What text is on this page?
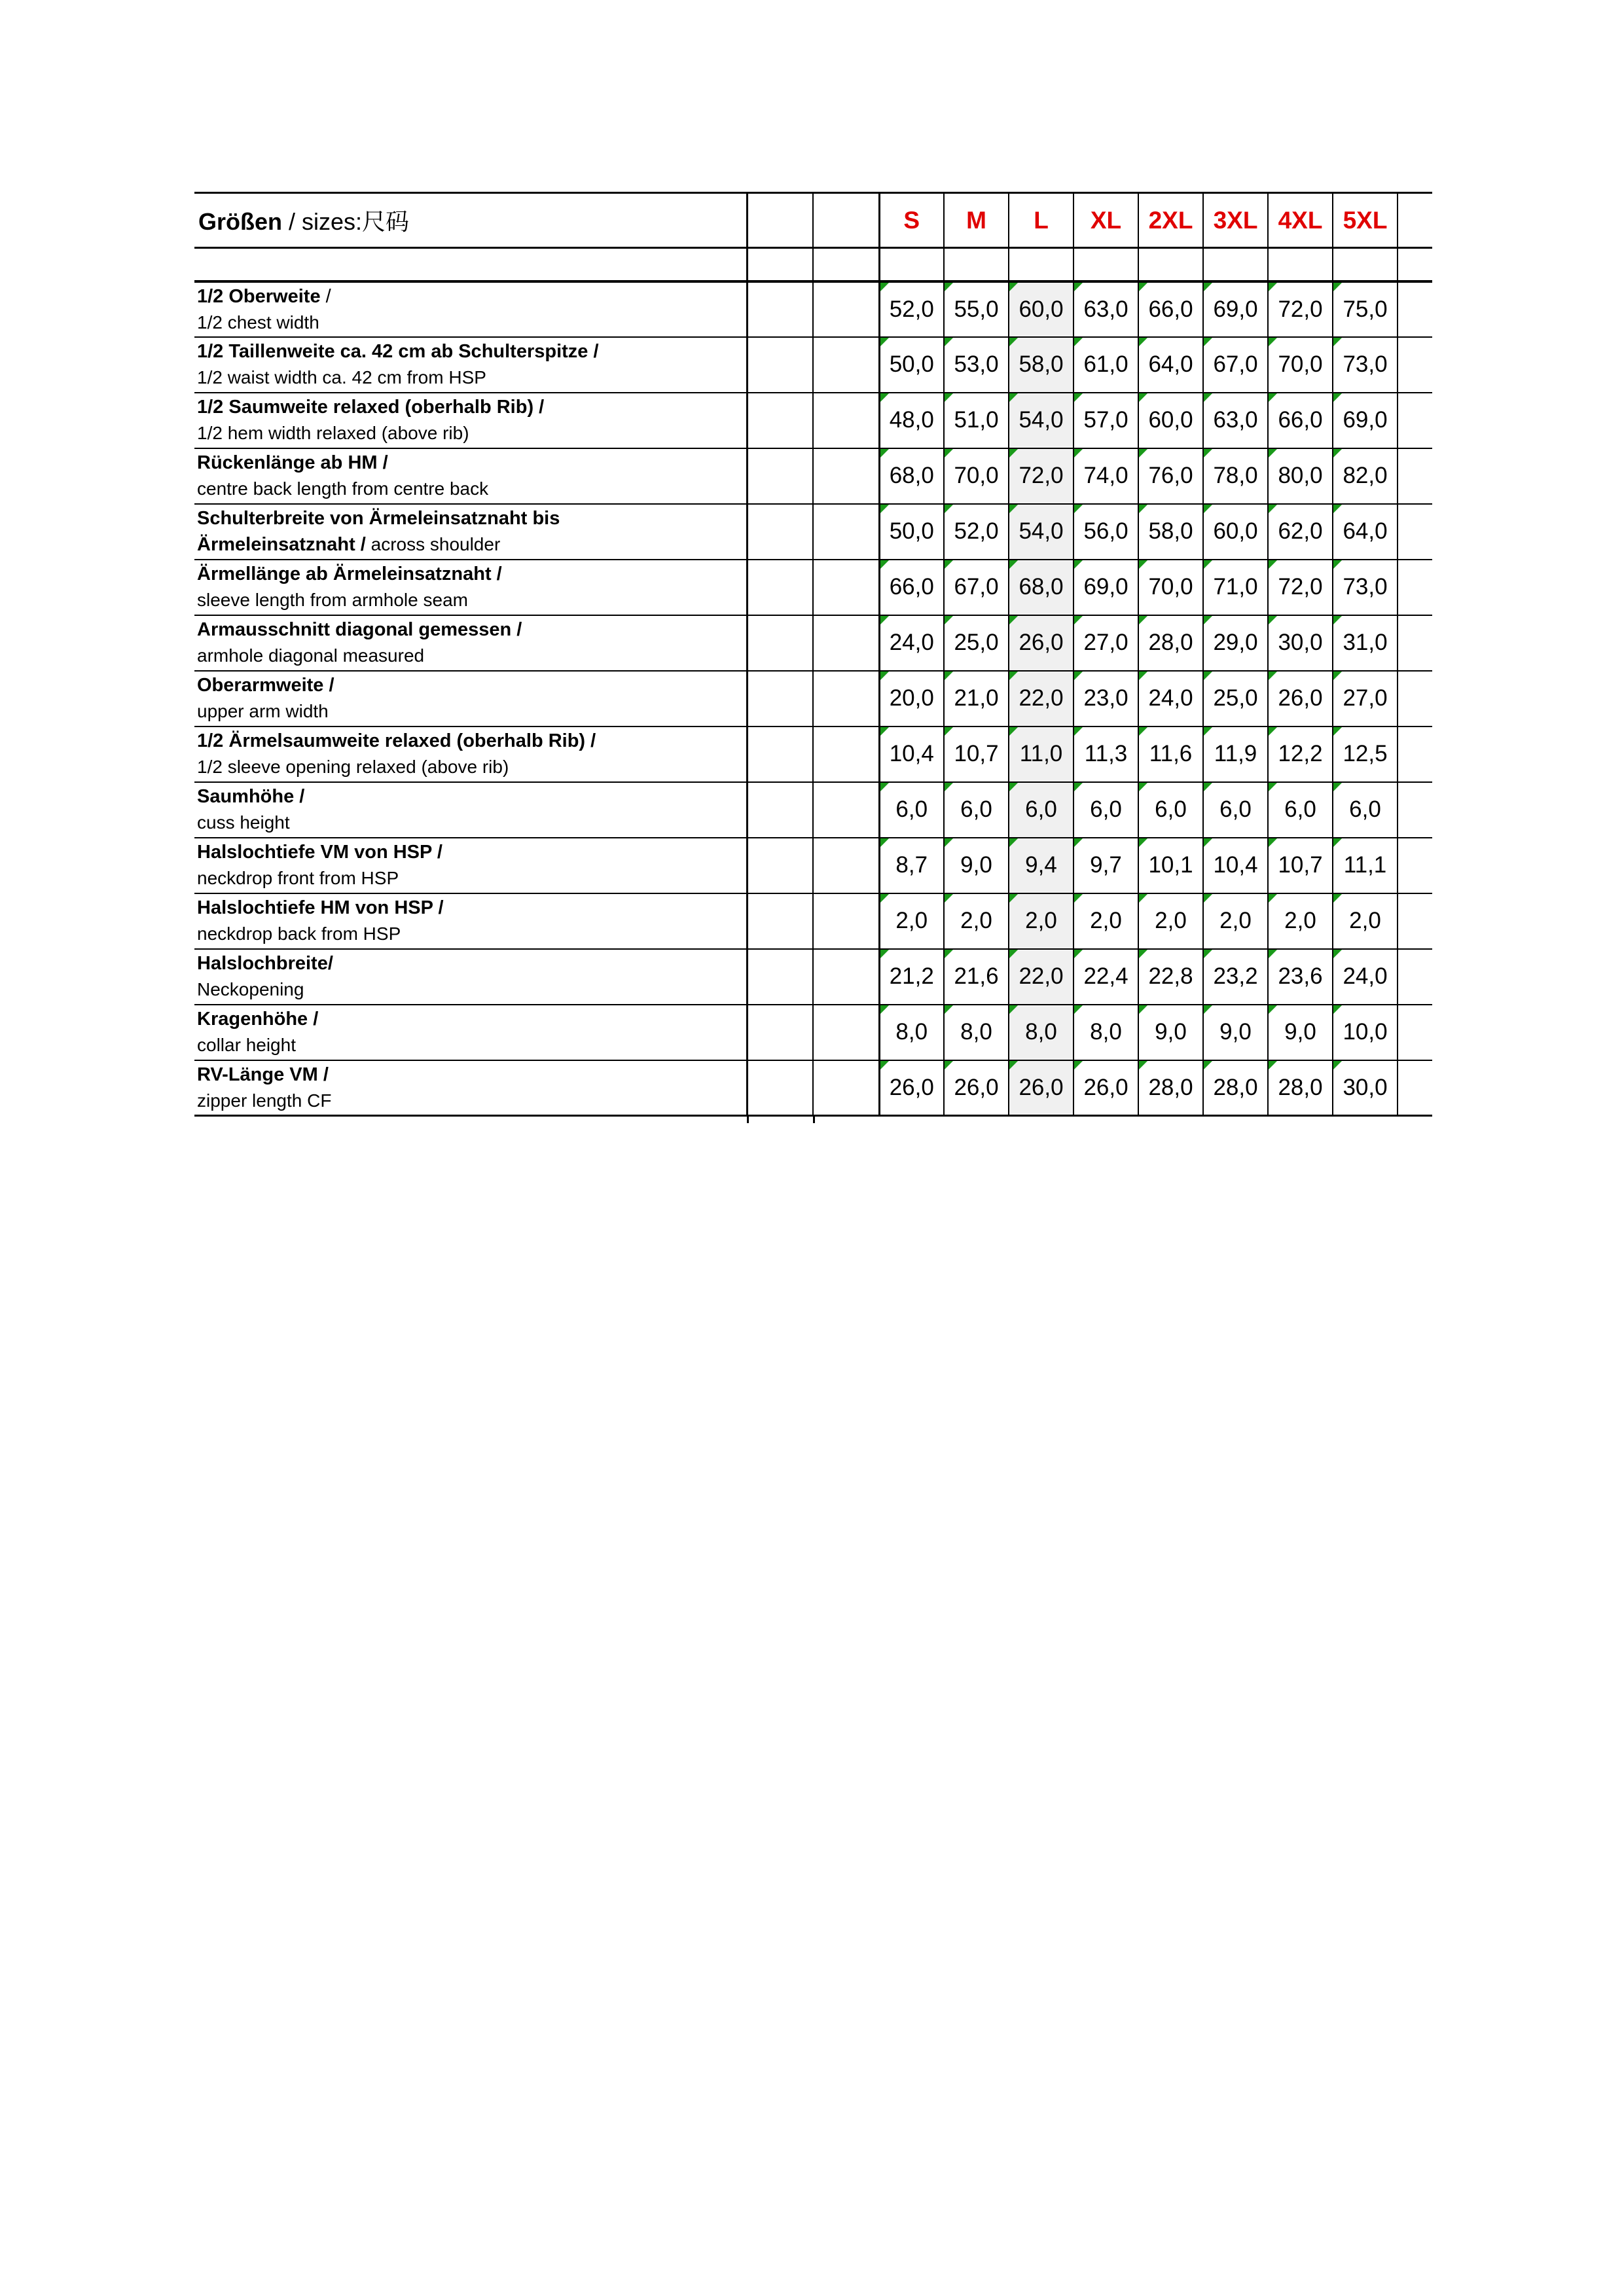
Größen / sizes:尺码			S	M	L	XL	2XL	3XL	4XL	5XL	

1/2 Oberweite /
1/2 chest width			52,0	55,0	60,0	63,0	66,0	69,0	72,0	75,0	

1/2 Taillenweite ca. 42 cm ab Schulterspitze /
1/2 waist width ca. 42 cm from HSP			50,0	53,0	58,0	61,0	64,0	67,0	70,0	73,0	

1/2 Saumweite relaxed (oberhalb Rib) /
1/2 hem width relaxed (above rib)			48,0	51,0	54,0	57,0	60,0	63,0	66,0	69,0	

Rückenlänge ab HM /
centre back length from centre back			68,0	70,0	72,0	74,0	76,0	78,0	80,0	82,0	

Schulterbreite von Ärmeleinsatznaht bis
Ärmeleinsatznaht / across shoulder			50,0	52,0	54,0	56,0	58,0	60,0	62,0	64,0	

Ärmellänge ab Ärmeleinsatznaht /
sleeve length from armhole seam			66,0	67,0	68,0	69,0	70,0	71,0	72,0	73,0	

Armausschnitt diagonal gemessen /
armhole diagonal measured			24,0	25,0	26,0	27,0	28,0	29,0	30,0	31,0	

Oberarmweite /
upper arm width			20,0	21,0	22,0	23,0	24,0	25,0	26,0	27,0	

1/2 Ärmelsaumweite relaxed (oberhalb Rib) /
1/2 sleeve opening relaxed (above rib)			10,4	10,7	11,0	11,3	11,6	11,9	12,2	12,5	

Saumhöhe /
cuss height			6,0	6,0	6,0	6,0	6,0	6,0	6,0	6,0	

Halslochtiefe VM von HSP /
neckdrop front from HSP			8,7	9,0	9,4	9,7	10,1	10,4	10,7	11,1	

Halslochtiefe HM von HSP /
neckdrop back from HSP			2,0	2,0	2,0	2,0	2,0	2,0	2,0	2,0	

Halslochbreite/
Neckopening			21,2	21,6	22,0	22,4	22,8	23,2	23,6	24,0	

Kragenhöhe /
collar height			8,0	8,0	8,0	8,0	9,0	9,0	9,0	10,0	

RV-Länge VM /
zipper length CF			26,0	26,0	26,0	26,0	28,0	28,0	28,0	30,0	
